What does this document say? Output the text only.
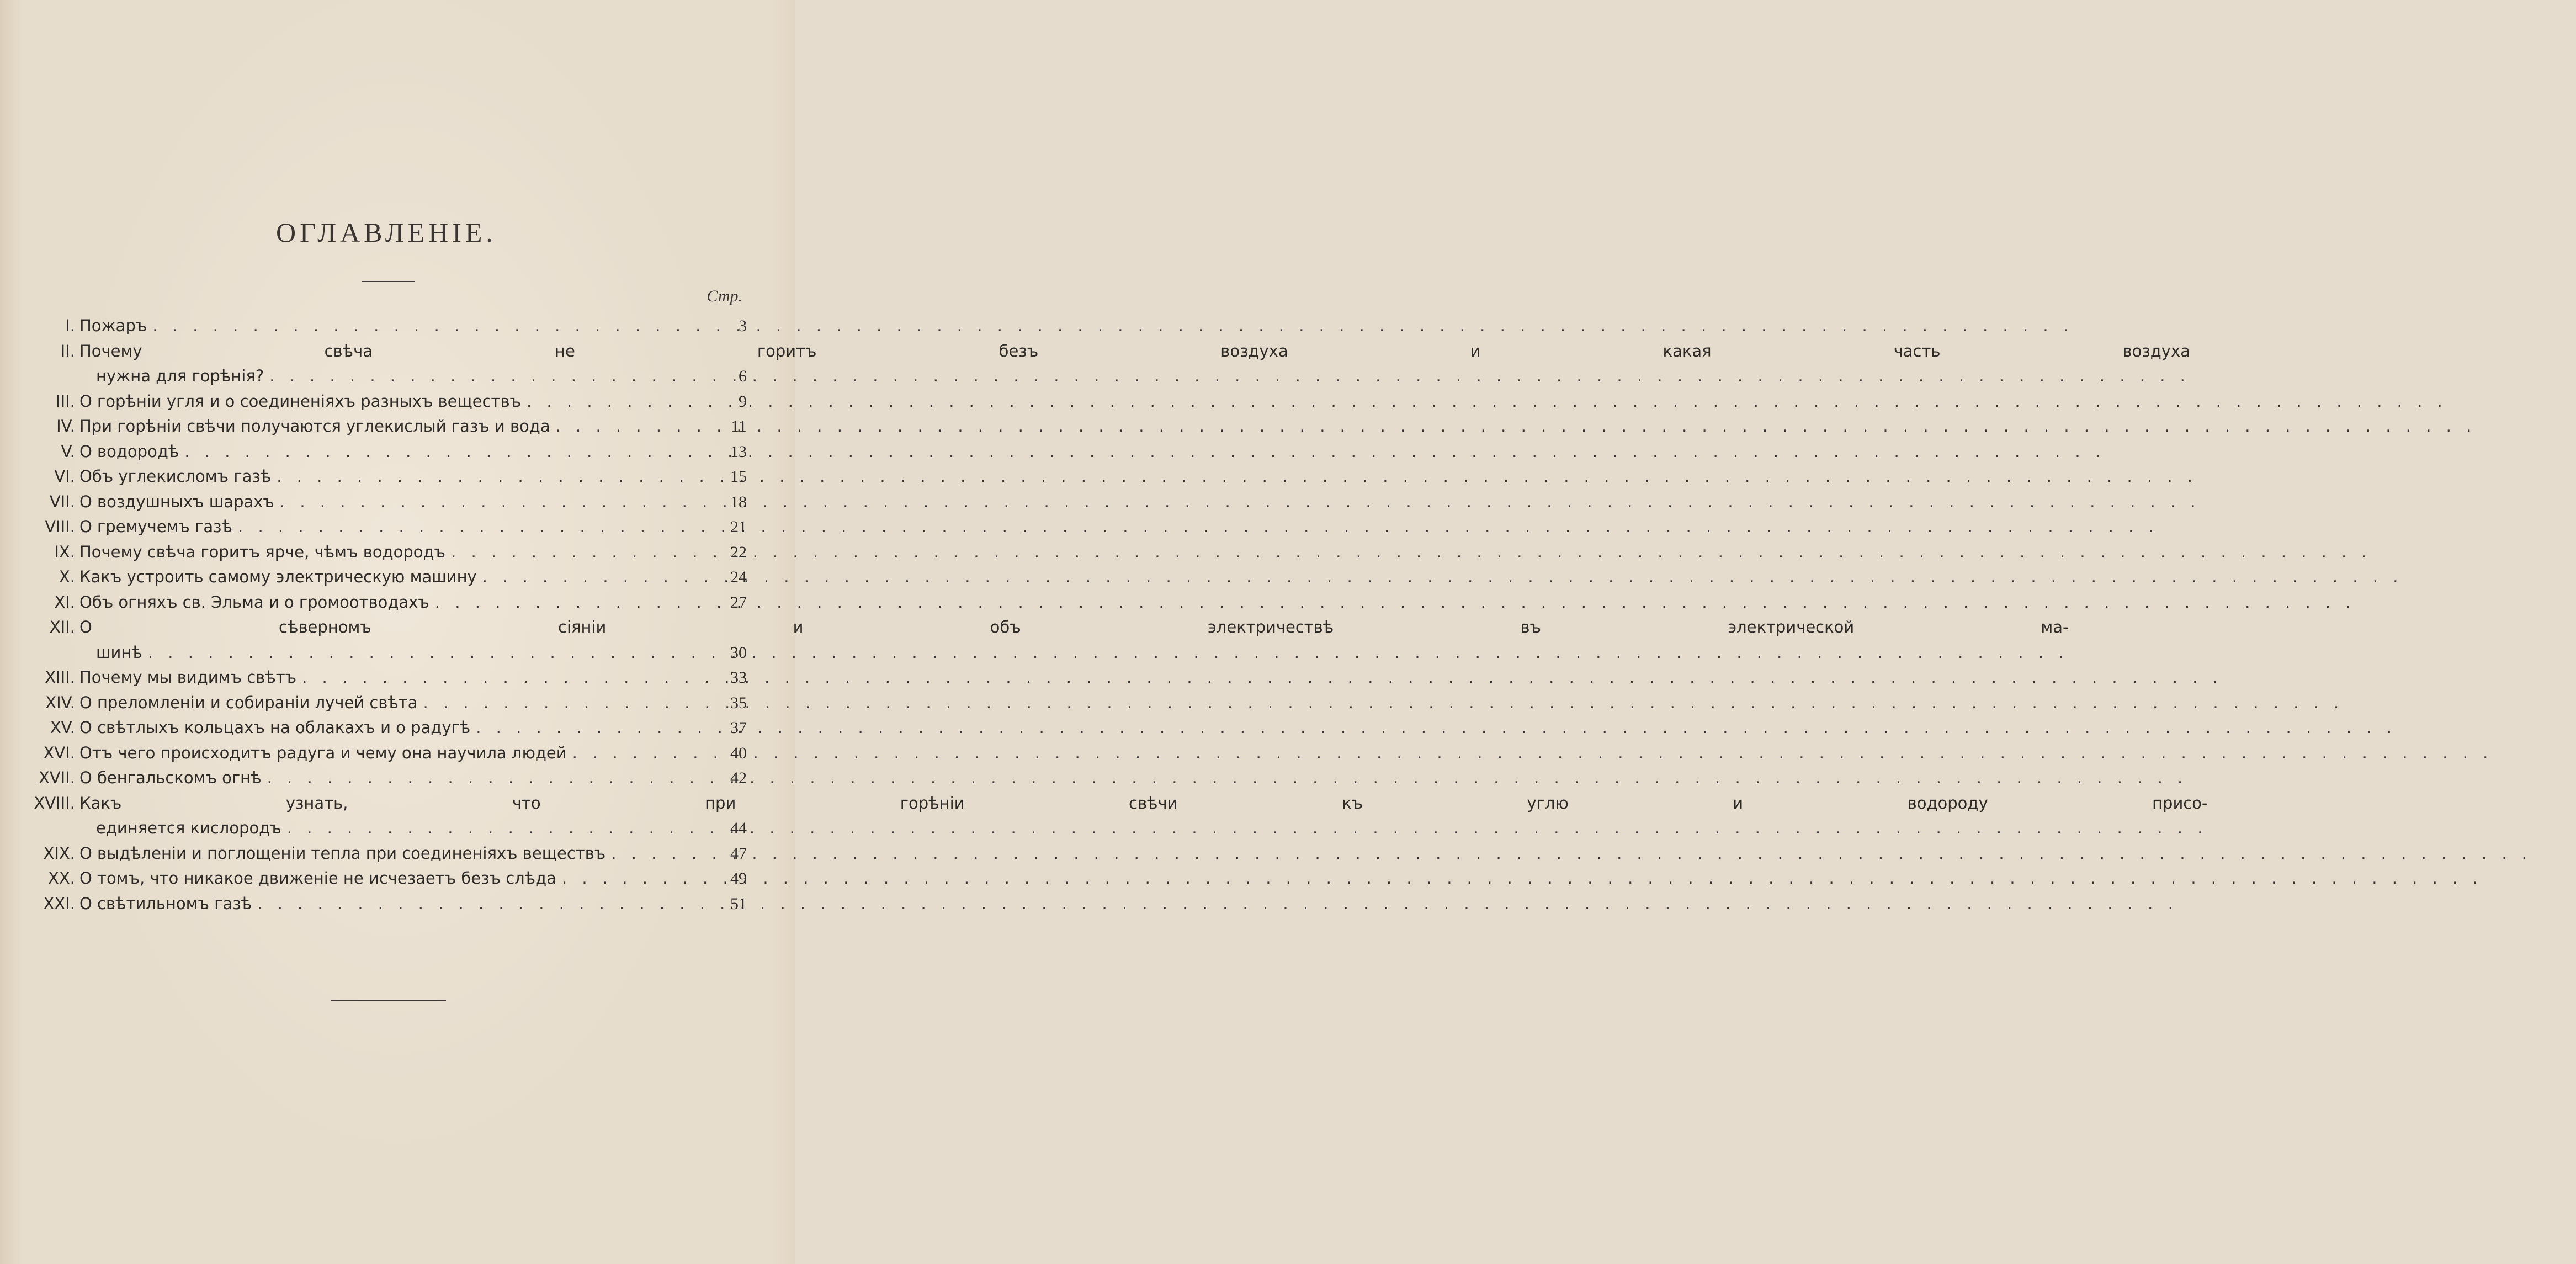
ОГЛАВЛЕНІЕ.
Стр.
I. Пожаръ . . .	3
II. Почему свѣча не горитъ безъ воздуха и какая часть воздуха
нужна для горѣнія? . . .	6
III. О горѣніи угля и о соединеніяхъ разныхъ веществъ . . .	9
IV. При горѣніи свѣчи получаются углекислый газъ и вода . . .	11
V. О водородѣ . . .	13
VI. Объ углекисломъ газѣ . . .	15
VII. О воздушныхъ шарахъ . . .	18
VIII. О гремучемъ газѣ . . .	21
IX. Почему свѣча горитъ ярче, чѣмъ водородъ . . .	22
X. Какъ устроить самому электрическую машину . . .	24
XI. Объ огняхъ св. Эльма и о громоотводахъ . . .	27
XII. О сѣверномъ сіяніи и объ электричествѣ въ электрической ма-
шинѣ . . .	30
XIII. Почему мы видимъ свѣтъ . . .	33
XIV. О преломленіи и собираніи лучей свѣта . . .	35
XV. О свѣтлыхъ кольцахъ на облакахъ и о радугѣ . . .	37
XVI. Отъ чего происходитъ радуга и чему она научила людей . . .	40
XVII. О бенгальскомъ огнѣ . . .	42
XVIII. Какъ узнать, что при горѣніи свѣчи къ углю и водороду присо-
единяется кислородъ . . .	44
XIX. О выдѣленіи и поглощеніи тепла при соединеніяхъ веществъ . . .	47
XX. О томъ, что никакое движеніе не исчезаетъ безъ слѣда . . .	49
XXI. О свѣтильномъ газѣ . . .	51
